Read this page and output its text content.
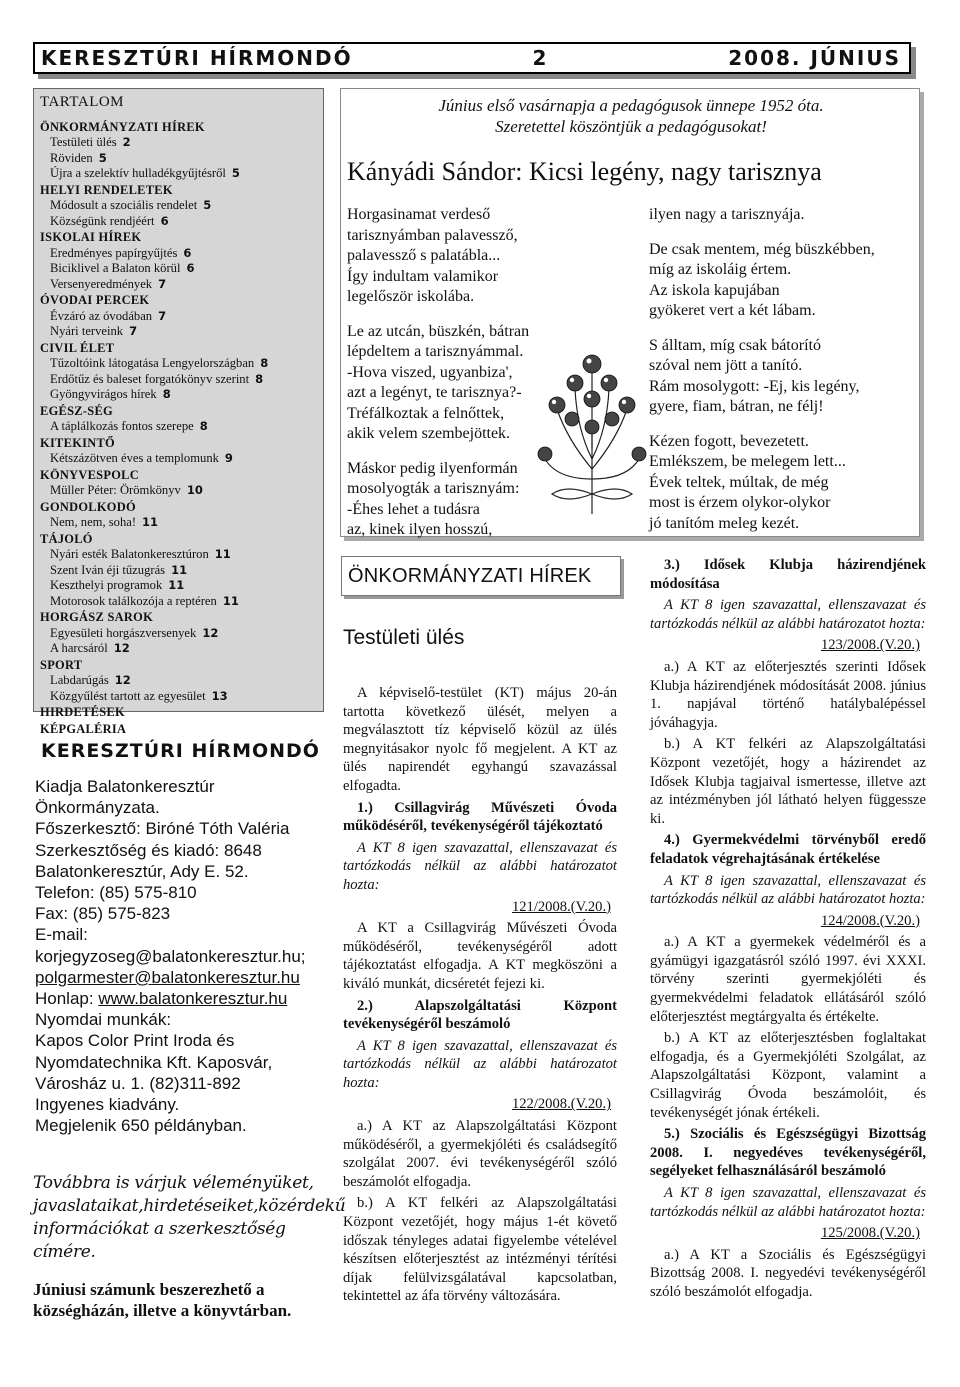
KERESZTÚRI HÍRMONDÓ	2	2008. JÚNIUS
TARTALOM
ÖNKORMÁNYZATI HÍREK
Testületi ülés 2
Röviden 5
Újra a szelektív hulladékgyűjtésről 5
HELYI RENDELETEK
Módosult a szociális rendelet 5
Községünk rendjéért 6
ISKOLAI HÍREK
Eredményes papírgyűjtés 6
Biciklivel a Balaton körül 6
Versenyeredmények 7
ÓVODAI PERCEK
Évzáró az óvodában 7
Nyári terveink 7
CIVIL ÉLET
Tűzoltóink látogatása Lengyelországban 8
Erdőtűz és baleset forgatókönyv szerint 8
Gyöngyvirágos hírek 8
EGÉSZ-SÉG
A táplálkozás fontos szerepe 8
KITEKINTŐ
Kétszázötven éves a templomunk 9
KÖNYVESPOLC
Müller Péter: Örömkönyv 10
GONDOLKODÓ
Nem, nem, soha! 11
TÁJOLÓ
Nyári esték Balatonkeresztúron 11
Szent Iván éji tűzugrás 11
Keszthelyi programok 11
Motorosok találkozója a reptéren 11
HORGÁSZ SAROK
Egyesületi horgászversenyek 12
A harcsáról 12
SPORT
Labdarúgás 12
Közgyűlést tartott az egyesület 13
HIRDETÉSEK
KÉPGALÉRIA
KERESZTÚRI HÍRMONDÓ
Kiadja Balatonkeresztúr
Önkormányzata.
Főszerkesztő: Biróné Tóth Valéria
Szerkesztőség és kiadó: 8648
Balatonkeresztúr, Ady E. 52.
Telefon: (85) 575-810
Fax: (85) 575-823
E-mail:
korjegyzoseg@balatonkeresztur.hu;
polgarmester@balatonkeresztur.hu
Honlap: www.balatonkeresztur.hu
Nyomdai munkák:
Kapos Color Print Iroda és
Nyomdatechnika Kft. Kaposvár,
Városház u. 1. (82)311-892
Ingyenes kiadvány.
Megjelenik 650 példányban.
Továbbra is várjuk véleményüket, javaslataikat,hirdetéseiket,közérdekű információkat a szerkesztőség címére.
Júniusi számunk beszerezhető a községházán, illetve a könyvtárban.
Június első vasárnapja a pedagógusok ünnepe 1952 óta.
Szeretettel köszöntjük a pedagógusokat!
Kányádi Sándor: Kicsi legény, nagy tarisznya
Horgasinamat verdeső
tarisznyámban palavessző,
palavessző s palatábla...
Így indultam valamikor
legelőször iskolába.
Le az utcán, büszkén, bátran
lépdeltem a tarisznyámmal.
-Hova viszed, ugyanbiza',
azt a legényt, te tarisznya?-
Tréfálkoztak a felnőttek,
akik velem szembejöttek.
Máskor pedig ilyenformán
mosolyogták a tarisznyám:
-Éhes lehet a tudásra
az, kinek ilyen hosszú,
ilyen nagy a tarisznyája.
De csak mentem, még büszkébben,
míg az iskoláig értem.
Az iskola kapujában
gyökeret vert a két lábam.
S álltam, míg csak bátorító
szóval nem jött a tanító.
Rám mosolygott: -Ej, kis legény,
gyere, fiam, bátran, ne félj!
Kézen fogott, bevezetett.
Emlékszem, be melegem lett...
Évek teltek, múltak, de még
most is érzem olykor-olykor
jó tanítóm meleg kezét.
ÖNKORMÁNYZATI HÍREK
Testületi ülés

A képviselő-testület (KT) május 20-án tartotta következő ülését, melyen a megválasztott tíz képviselő közül az ülés megnyitásakor nyolc fő megjelent. A KT az ülés napirendét egyhangú szavazással elfogadta.

1.) Csillagvirág Művészeti Óvoda működéséről, tevékenységéről tájékoztató

A KT 8 igen szavazattal, ellenszavazat és tartózkodás nélkül az alábbi határozatot hozta:

121/2008.(V.20.)

A KT a Csillagvirág Művészeti Óvoda működéséről, tevékenységéről adott tájékoztatást elfogadja. A KT megköszöni a kiváló munkát, dicséretét fejezi ki.

2.) Alapszolgáltatási Központ tevékenységéről beszámoló

A KT 8 igen szavazattal, ellenszavazat és tartózkodás nélkül az alábbi határozatot hozta:

122/2008.(V.20.)

a.) A KT az Alapszolgáltatási Központ működéséről, a gyermekjóléti és családsegítő szolgálat 2007. évi tevékenységéről szóló beszámolót elfogadja.

b.) A KT felkéri az Alapszolgáltatási Központ vezetőjét, hogy május 1-ét követő időszak tényleges adatai figyelembe vételével készítsen előterjesztést az intézményi térítési díjak felülvizsgálatával kapcsolatban, tekintettel az áfa törvény változására.

3.) Idősek Klubja házirendjének módosítása

A KT 8 igen szavazattal, ellenszavazat és tartózkodás nélkül az alábbi határozatot hozta:

123/2008.(V.20.)

a.) A KT az előterjesztés szerinti Idősek Klubja házirendjének módosítását 2008. június 1. napjával történő hatálybalépéssel jóváhagyja.

b.) A KT felkéri az Alapszolgáltatási Központ vezetőjét, hogy a házirendet az Idősek Klubja tagjaival ismertesse, illetve azt az intézményben jól látható helyen függessze ki.

4.) Gyermekvédelmi törvényből eredő feladatok végrehajtásának értékelése

A KT 8 igen szavazattal, ellenszavazat és tartózkodás nélkül az alábbi határozatot hozta:

124/2008.(V.20.)

a.) A KT a gyermekek védelméről és a gyámügyi igazgatásról szóló 1997. évi XXXI. törvény szerinti gyermekjóléti és gyermekvédelmi feladatok ellátásáról szóló előterjesztést megtárgyalta és értékelte.

b.) A KT az előterjesztésben foglaltakat elfogadja, és a Gyermekjóléti Szolgálat, az Alapszolgáltatási Központ, valamint a Csillagvirág Óvoda beszámolóit, és tevékenységét jónak értékeli.

5.) Szociális és Egészségügyi Bizottság 2008. I. negyedéves tevékenységéről, segélyeket felhasználásáról beszámoló

A KT 8 igen szavazattal, ellenszavazat és tartózkodás nélkül az alábbi határozatot hozta:

125/2008.(V.20.)

a.) A KT a Szociális és Egészségügyi Bizottság 2008. I. negyedévi tevékenységéről szóló beszámolót elfogadja.
